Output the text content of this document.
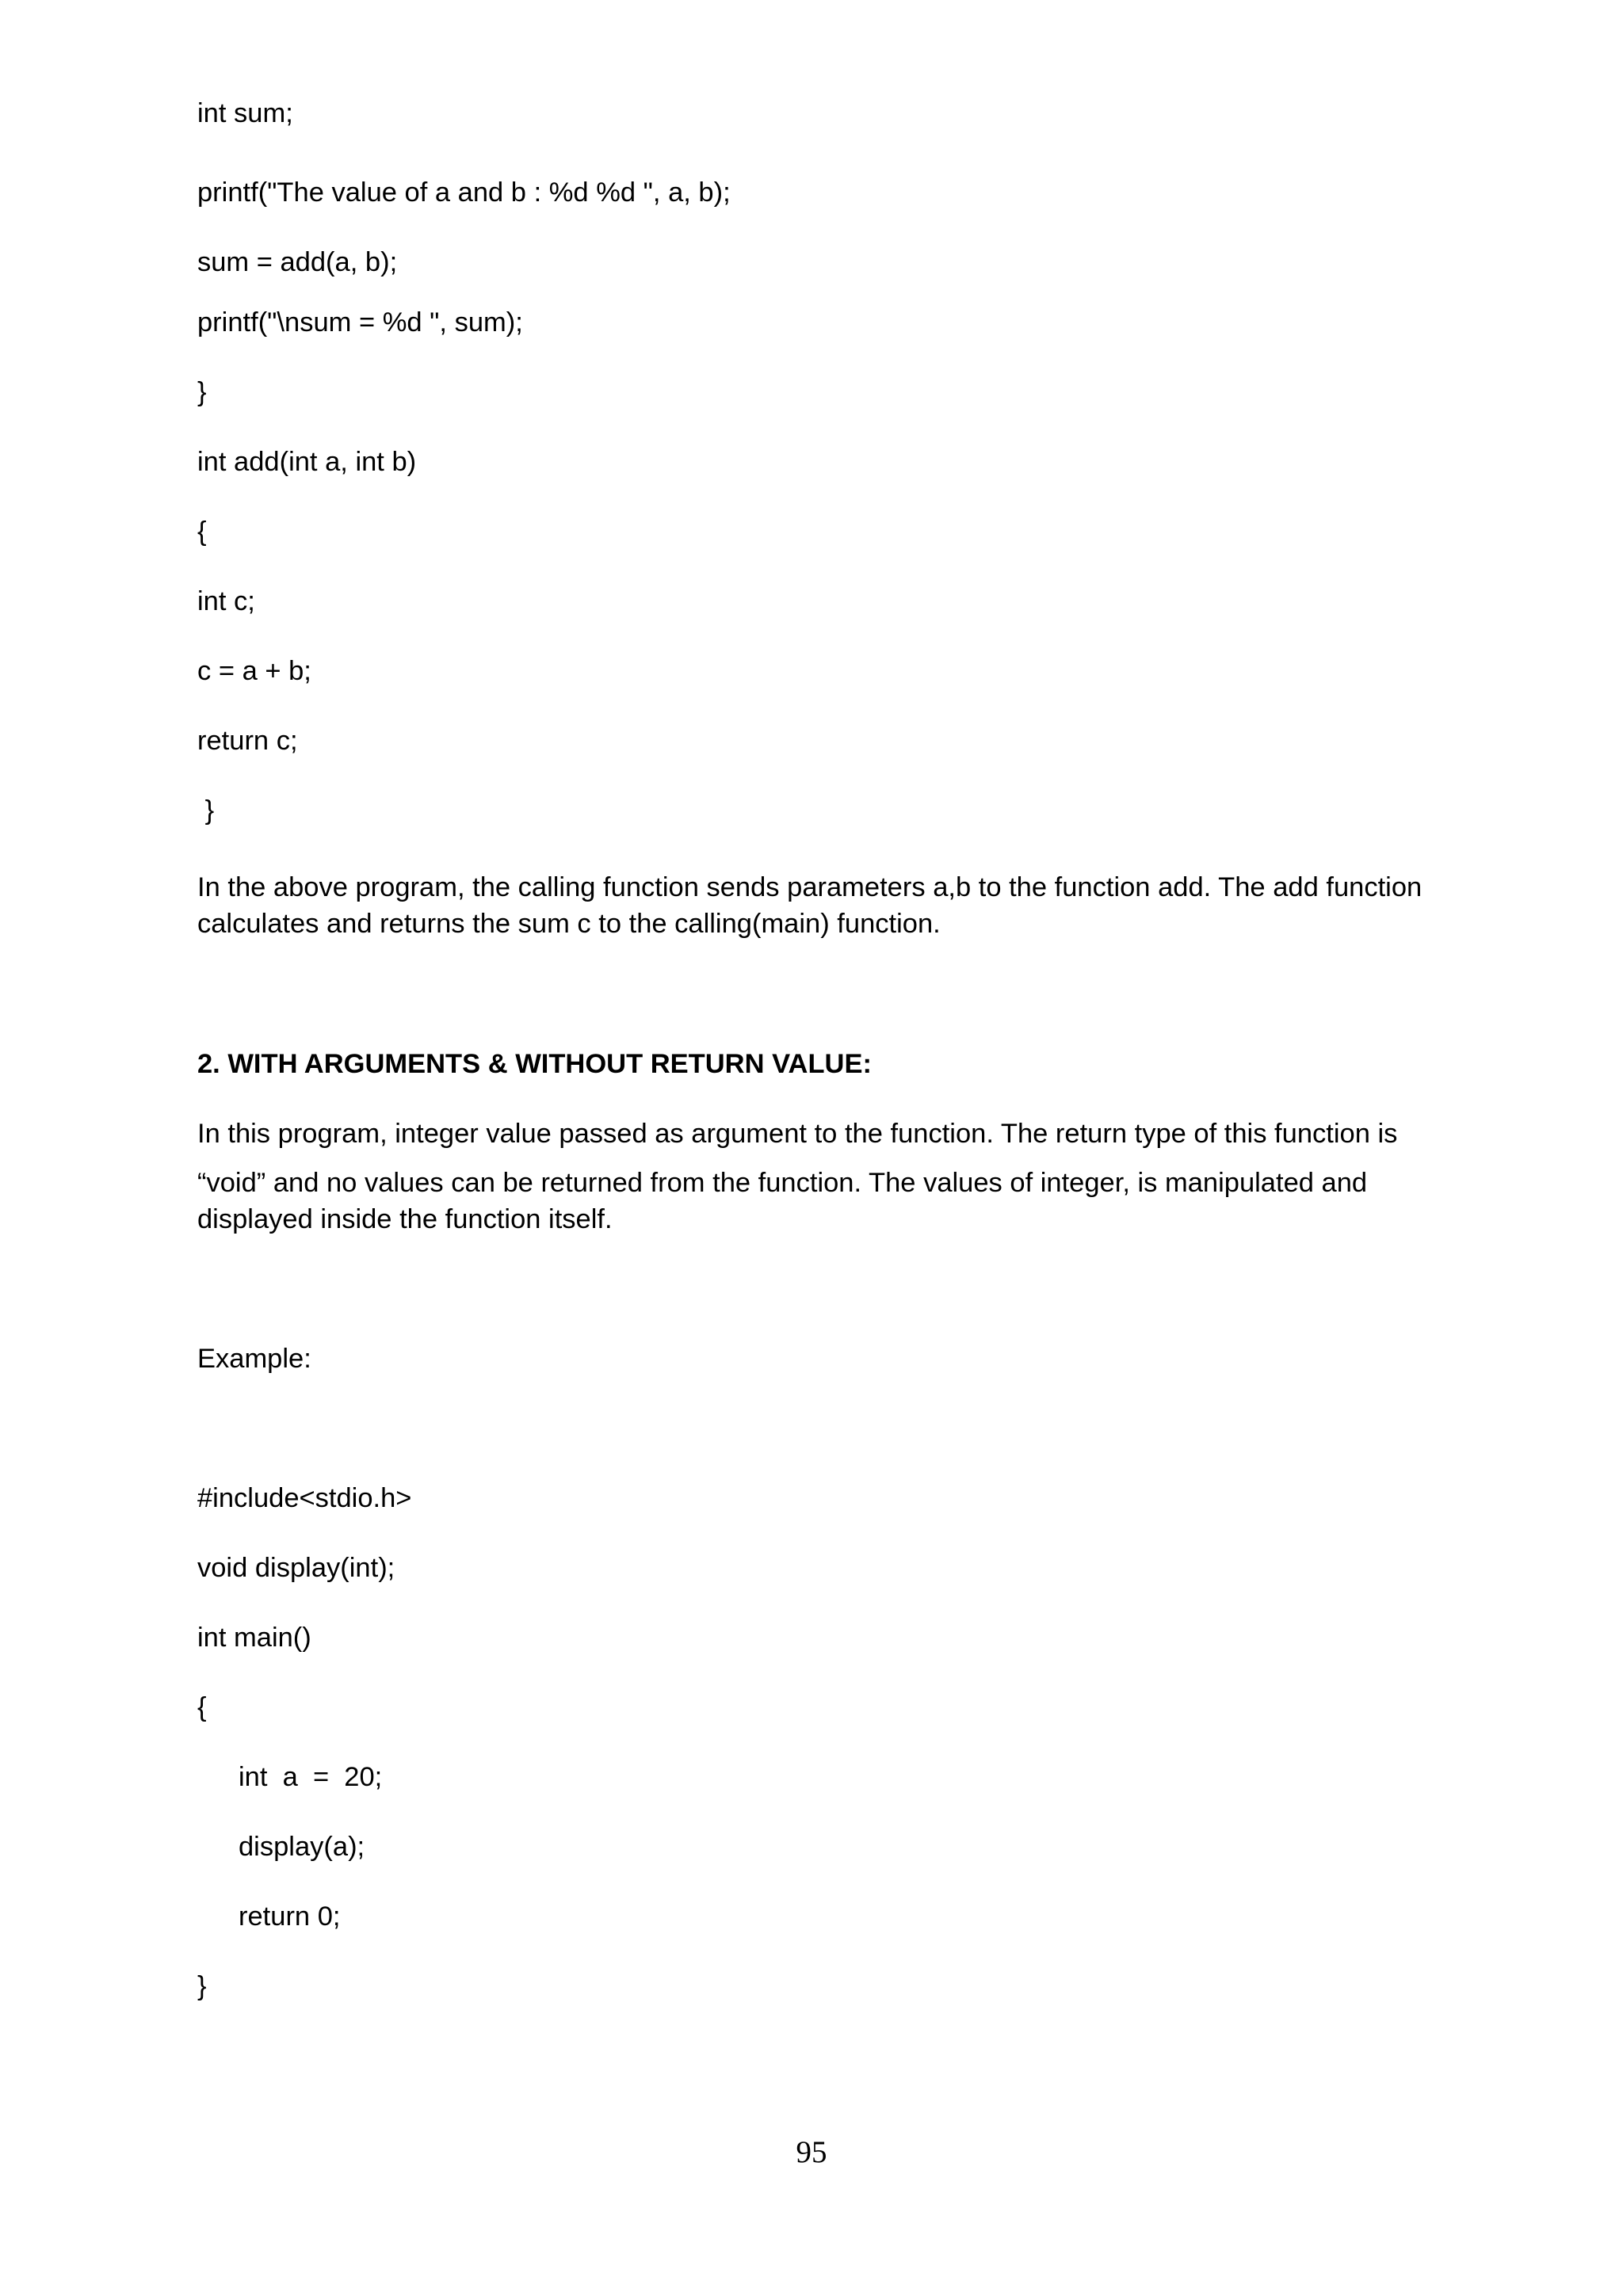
int sum;

printf("The value of a and b : %d %d ", a, b);

sum = add(a, b);

printf("\nsum = %d ", sum);

}

int add(int a, int b)

{

int c;

c = a + b;

return c;

}

In the above program, the calling function sends parameters a,b to the function add. The add function

calculates and returns the sum c to the calling(main) function.

2. WITH ARGUMENTS & WITHOUT RETURN VALUE:

In this program, integer value passed as argument to the function. The return type of this function is

“void” and no values can be returned from the function. The values of integer, is manipulated and

displayed inside the function itself.

Example:

#include<stdio.h>

void display(int);

int main()

{

int  a  =  20;

display(a);

return 0;

}

95
